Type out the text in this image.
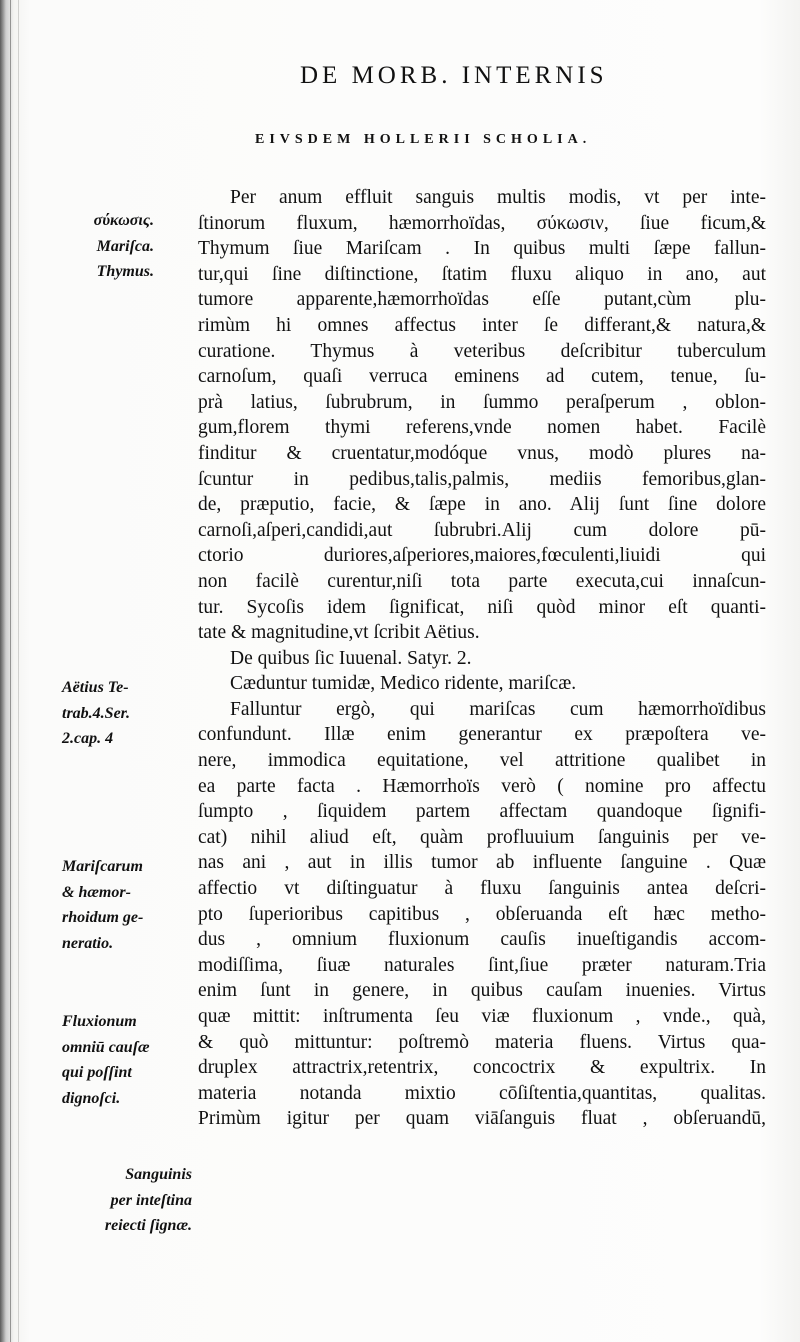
DE MORB. INTERNIS
EIVSDEM HOLLERII SCHOLIA.
σύκωσις.
Mariſca.
Thymus.
Aëtius Te-
trab.4.Ser.
2.cap. 4
Mariſcarum
& hæmor-
rhoidum ge-
neratio.
Fluxionum
omniū cauſæ
qui poſſint
dignoſci.
Sanguinis
per inteſtina
reiecti ſignæ.
Per anum effluit sanguis multis modis, vt per inte-
ſtinorum fluxum, hæmorrhoïdas, σύκωσιν, ſiue ficum,&
Thymum ſiue Mariſcam . In quibus multi ſæpe fallun-
tur,qui ſine diſtinctione, ſtatim fluxu aliquo in ano, aut
tumore apparente,hæmorrhoïdas eſſe putant,cùm plu-
rimùm hi omnes affectus inter ſe differant,& natura,&
curatione. Thymus à veteribus deſcribitur tuberculum
carnoſum, quaſi verruca eminens ad cutem, tenue, ſu-
prà latius, ſubrubrum, in ſummo peraſperum , oblon-
gum,florem thymi referens,vnde nomen habet. Facilè
finditur & cruentatur,modóque vnus, modò plures na-
ſcuntur in pedibus,talis,palmis, mediis femoribus,glan-
de, præputio, facie, & ſæpe in ano. Alij ſunt ſine dolore
carnoſi,aſperi,candidi,aut ſubrubri.Alij cum dolore pū-
ctorio duriores,aſperiores,maiores,fœculenti,liuidi qui
non facilè curentur,niſi tota parte executa,cui innaſcun-
tur. Sycoſis idem ſignificat, niſi quòd minor eſt quanti-
tate & magnitudine,vt ſcribit Aëtius.
De quibus ſic Iuuenal. Satyr. 2.
Cæduntur tumidæ, Medico ridente, mariſcæ.
Falluntur ergò, qui mariſcas cum hæmorrhoïdibus
confundunt. Illæ enim generantur ex præpoſtera ve-
nere, immodica equitatione, vel attritione qualibet in
ea parte facta . Hæmorrhoïs verò ( nomine pro affectu
ſumpto , ſiquidem partem affectam quandoque ſignifi-
cat) nihil aliud eſt, quàm profluuium ſanguinis per ve-
nas ani , aut in illis tumor ab influente ſanguine . Quæ
affectio vt diſtinguatur à fluxu ſanguinis antea deſcri-
pto ſuperioribus capitibus , obſeruanda eſt hæc metho-
dus , omnium fluxionum cauſis inueſtigandis accom-
modiſſima, ſiuæ naturales ſint,ſiue præter naturam.Tria
enim ſunt in genere, in quibus cauſam inuenies. Virtus
quæ mittit: inſtrumenta ſeu viæ fluxionum , vnde., quà,
& quò mittuntur: poſtremò materia fluens. Virtus qua-
druplex attractrix,retentrix, concoctrix & expultrix. In
materia notanda mixtio cōſiſtentia,quantitas, qualitas.
Primùm igitur per quam viāſanguis fluat , obſeruandū,
